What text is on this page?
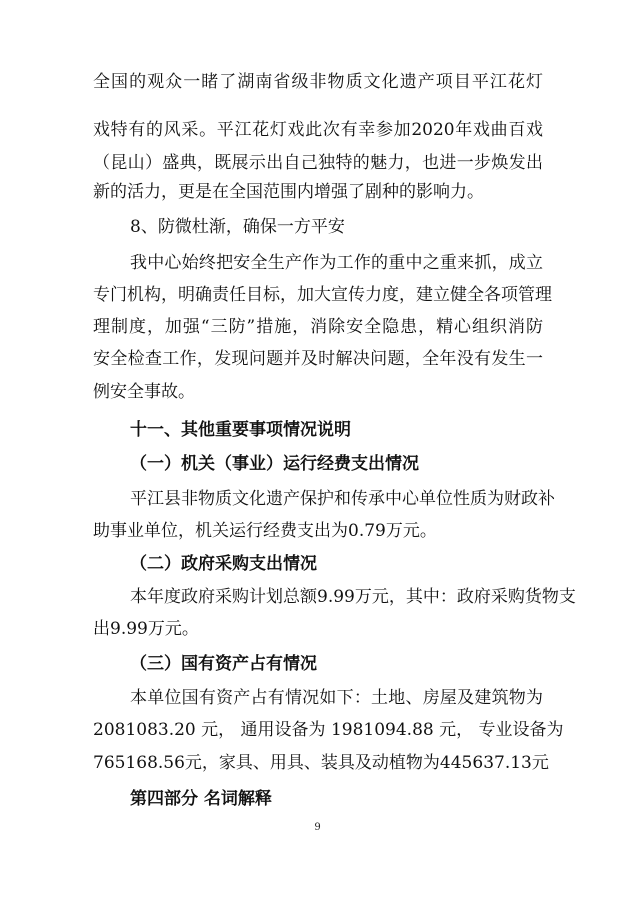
全国的观众一睹了湖南省级非物质文化遗产项目平江花灯
戏特有的风采。平江花灯戏此次有幸参加2020年戏曲百戏
（昆山）盛典，既展示出自己独特的魅力，也进一步焕发出
新的活力，更是在全国范围内增强了剧种的影响力。
8、防微杜渐，确保一方平安
我中心始终把安全生产作为工作的重中之重来抓，成立
专门机构，明确责任目标，加大宣传力度，建立健全各项管理
理制度，加强“三防”措施，消除安全隐患，精心组织消防
安全检查工作，发现问题并及时解决问题，全年没有发生一
例安全事故。
十一、其他重要事项情况说明
（一）机关（事业）运行经费支出情况
平江县非物质文化遗产保护和传承中心单位性质为财政补
助事业单位，机关运行经费支出为0.79万元。
（二）政府采购支出情况
本年度政府采购计划总额9.99万元，其中：政府采购货物支
出9.99万元。
（三）国有资产占有情况
本单位国有资产占有情况如下：土地、房屋及建筑物为
2081083.20 元， 通用设备为 1981094.88 元， 专业设备为
765168.56元，家具、用具、装具及动植物为445637.13元
第四部分 名词解释
9
